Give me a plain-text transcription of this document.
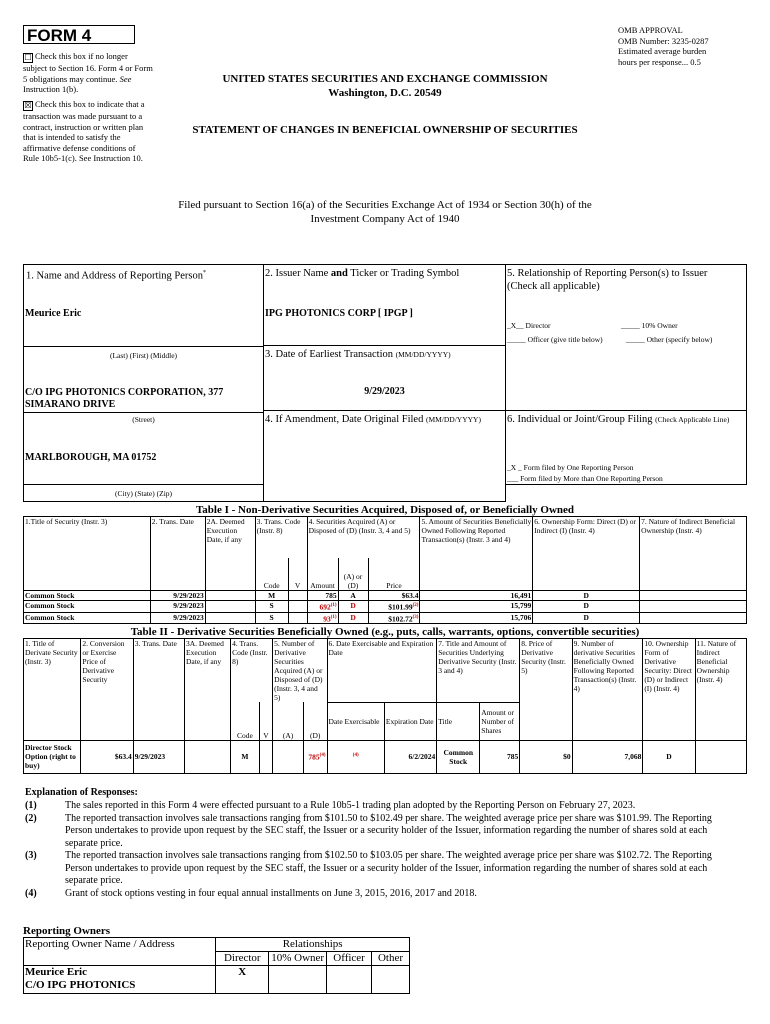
FORM 4
☐ Check this box if no longer subject to Section 16. Form 4 or Form 5 obligations may continue. See Instruction 1(b).
☒ Check this box to indicate that a transaction was made pursuant to a contract, instruction or written plan that is intended to satisfy the affirmative defense conditions of Rule 10b5-1(c). See Instruction 10.
OMB APPROVAL
OMB Number: 3235-0287
Estimated average burden
hours per response... 0.5
UNITED STATES SECURITIES AND EXCHANGE COMMISSION
Washington, D.C. 20549
STATEMENT OF CHANGES IN BENEFICIAL OWNERSHIP OF SECURITIES
Filed pursuant to Section 16(a) of the Securities Exchange Act of 1934 or Section 30(h) of the
Investment Company Act of 1940
1. Name and Address of Reporting Person*
Meurice Eric
(Last) (First) (Middle)
C/O IPG PHOTONICS CORPORATION, 377
SIMARANO DRIVE
(Street)
MARLBOROUGH, MA 01752
(City) (State) (Zip)
2. Issuer Name and Ticker or Trading Symbol
IPG PHOTONICS CORP [ IPGP ]
3. Date of Earliest Transaction (MM/DD/YYYY)
9/29/2023
4. If Amendment, Date Original Filed (MM/DD/YYYY)
5. Relationship of Reporting Person(s) to Issuer
(Check all applicable)
_X__ Director	_____ 10% Owner
_____ Officer (give title below)	_____ Other (specify below)
6. Individual or Joint/Group Filing (Check Applicable Line)
_X _ Form filed by One Reporting Person
___ Form filed by More than One Reporting Person
Table I - Non-Derivative Securities Acquired, Disposed of, or Beneficially Owned
1.Title of Security (Instr. 3)	2. Trans. Date	2A. Deemed Execution Date, if any	3. Trans. Code (Instr. 8)		4. Securities Acquired (A) or Disposed of (D) (Instr. 3, 4 and 5)			5. Amount of Securities Beneficially Owned Following Reported Transaction(s) (Instr. 3 and 4)	6. Ownership Form: Direct (D) or Indirect (I) (Instr. 4)	7. Nature of Indirect Beneficial Ownership (Instr. 4)
			Code	V	Amount	(A) or (D)	Price			
Common Stock	9/29/2023		M		785	A	$63.4	16,491	D	
Common Stock	9/29/2023		S		692$^{(1)}$	D	$101.99$^{(2)}$	15,799	D	
Common Stock	9/29/2023		S		93$^{(1)}$	D	$102.72$^{(3)}$	15,706	D	
Table II - Derivative Securities Beneficially Owned (e.g., puts, calls, warrants, options, convertible securities)
1. Title of Derivate Security (Instr. 3)	2. Conversion or Exercise Price of Derivative Security	3. Trans. Date	3A. Deemed Execution Date, if any	4. Trans. Code (Instr. 8)		5. Number of Derivative Securities Acquired (A) or Disposed of (D) (Instr. 3, 4 and 5)		6. Date Exercisable and Expiration Date		7. Title and Amount of Securities Underlying Derivative Security (Instr. 3 and 4)		8. Price of Derivative Security (Instr. 5)	9. Number of derivative Securities Beneficially Owned Following Reported Transaction(s) (Instr. 4)	10. Ownership Form of Derivative Security: Direct (D) or Indirect (I) (Instr. 4)	11. Nature of Indirect Beneficial Ownership (Instr. 4)
				Code	V	(A)	(D)	Date Exercisable	Expiration Date	Title	Amount or Number of Shares				
Director Stock Option (right to buy)	$63.4	9/29/2023		M			785$^{(4)}$	$^{(4)}$	6/2/2024	Common Stock	785	$0	7,068	D	
Explanation of Responses:
(1)	The sales reported in this Form 4 were effected pursuant to a Rule 10b5-1 trading plan adopted by the Reporting Person on February 27, 2023.
(2)	The reported transaction involves sale transactions ranging from $101.50 to $102.49 per share. The weighted average price per share was $101.99. The Reporting Person undertakes to provide upon request by the SEC staff, the Issuer or a security holder of the Issuer, information regarding the number of shares sold at each separate price.
(3)	The reported transaction involves sale transactions ranging from $102.50 to $103.05 per share. The weighted average price per share was $102.72. The Reporting Person undertakes to provide upon request by the SEC staff, the Issuer or a security holder of the Issuer, information regarding the number of shares sold at each separate price.
(4)	Grant of stock options vesting in four equal annual installments on June 3, 2015, 2016, 2017 and 2018.
Reporting Owners
Reporting Owner Name / Address	Relationships			
	Director	10% Owner	Officer	Other

Meurice Eric
C/O IPG PHOTONICS	X			
